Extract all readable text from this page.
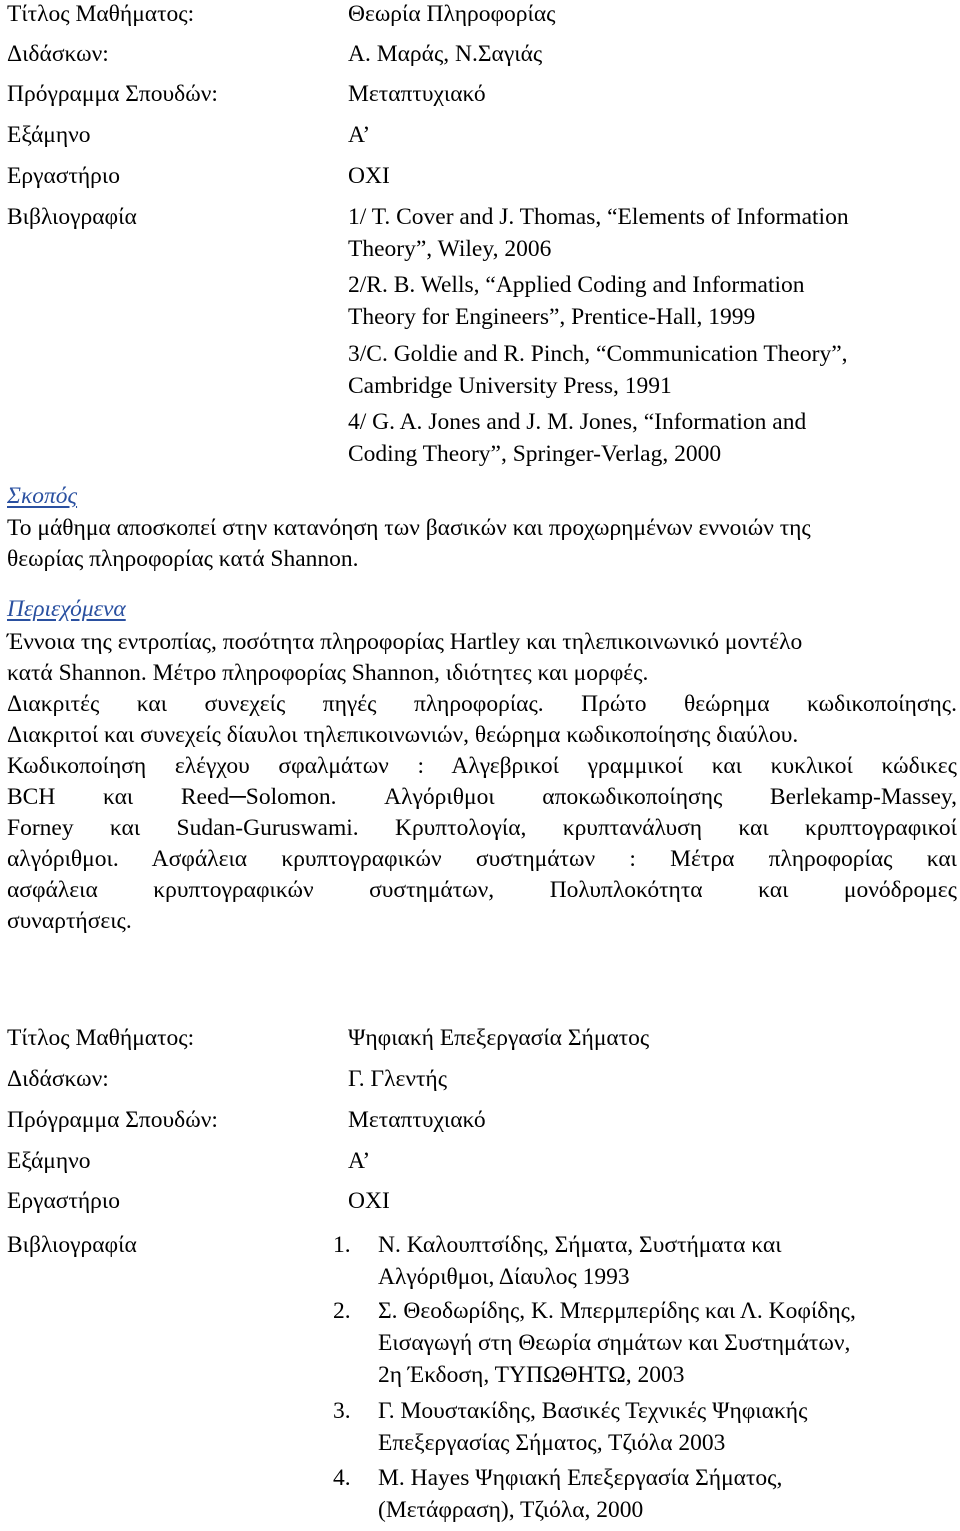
Τίτλος Μαθήματος:	Θεωρία Πληροφορίας
Διδάσκων:	Α. Μαράς, Ν.Σαγιάς
Πρόγραμμα Σπουδών:	Μεταπτυχιακό
Εξάμηνο	Α’
Εργαστήριο	ΟΧΙ
Βιβλιογραφία	1/ T. Cover and J. Thomas, “Elements of Information
Theory”, Wiley, 2006
2/R. B. Wells, “Applied Coding and Information
Theory for Engineers”, Prentice-Hall, 1999
3/C. Goldie and R. Pinch, “Communication Theory”,
Cambridge University Press, 1991
4/ G. A. Jones and J. M. Jones, “Information and
Coding Theory”, Springer-Verlag, 2000
Σκοπός
Το μάθημα αποσκοπεί στην κατανόηση των βασικών και προχωρημένων εννοιών της
θεωρίας πληροφορίας κατά Shannon.
Περιεχόμενα
Έννοια της εντροπίας, ποσότητα πληροφορίας Hartley και τηλεπικοινωνικό μοντέλο
κατά Shannon. Μέτρο πληροφορίας Shannon, ιδιότητες και μορφές.
Διακριτές και συνεχείς πηγές πληροφορίας. Πρώτο θεώρημα κωδικοποίησης.
Διακριτοί και συνεχείς δίαυλοι τηλεπικοινωνιών, θεώρημα κωδικοποίησης διαύλου.
Κωδικοποίηση ελέγχου σφαλμάτων : Αλγεβρικοί γραμμικοί και κυκλικοί κώδικες
BCH και Reed─Solomon. Αλγόριθμοι αποκωδικοποίησης Berlekamp-Massey,
Forney και Sudan-Guruswami. Κρυπτολογία, κρυπτανάλυση και κρυπτογραφικοί
αλγόριθμοι. Ασφάλεια κρυπτογραφικών συστημάτων : Μέτρα πληροφορίας και
ασφάλεια κρυπτογραφικών συστημάτων, Πολυπλοκότητα και μονόδρομες
συναρτήσεις.
Τίτλος Μαθήματος:	Ψηφιακή Επεξεργασία Σήματος
Διδάσκων:	Γ. Γλεντής
Πρόγραμμα Σπουδών:	Μεταπτυχιακό
Εξάμηνο	Α’
Εργαστήριο	ΟΧΙ
Βιβλιογραφία	1. Ν. Καλουπτσίδης, Σήματα, Συστήματα και
Αλγόριθμοι, Δίαυλος 1993
2. Σ. Θεοδωρίδης, Κ. Μπερμπερίδης και Λ. Κοφίδης,
Εισαγωγή στη Θεωρία σημάτων και Συστημάτων,
2η Έκδοση, ΤΥΠΩΘΗΤΩ, 2003
3. Γ. Μουστακίδης, Βασικές Τεχνικές Ψηφιακής
Επεξεργασίας Σήματος, Τζιόλα 2003
4. Μ. Hayes Ψηφιακή Επεξεργασία Σήματος,
(Μετάφραση), Τζιόλα, 2000
